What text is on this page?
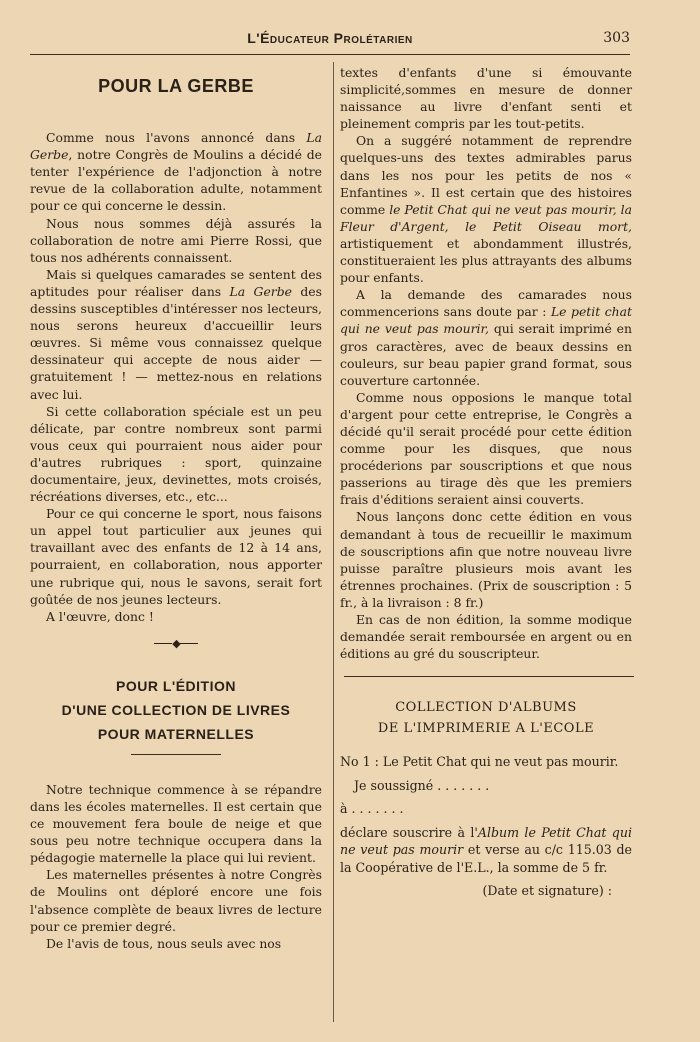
L'Éducateur Prolétarien	303
POUR LA GERBE

Comme nous l'avons annoncé dans La Gerbe, notre Congrès de Moulins a décidé de tenter l'expérience de l'adjonction à notre revue de la collaboration adulte, notamment pour ce qui concerne le dessin.

Nous nous sommes déjà assurés la collaboration de notre ami Pierre Rossi, que tous nos adhérents connaissent.

Mais si quelques camarades se sentent des aptitudes pour réaliser dans La Gerbe des dessins susceptibles d'intéresser nos lecteurs, nous serons heureux d'accueillir leurs œuvres. Si même vous connaissez quelque dessinateur qui accepte de nous aider — gratuitement ! — mettez-nous en relations avec lui.

Si cette collaboration spéciale est un peu délicate, par contre nombreux sont parmi vous ceux qui pourraient nous aider pour d'autres rubriques : sport, quinzaine documentaire, jeux, devinettes, mots croisés, récréations diverses, etc., etc...

Pour ce qui concerne le sport, nous faisons un appel tout particulier aux jeunes qui travaillant avec des enfants de 12 à 14 ans, pourraient, en collaboration, nous apporter une rubrique qui, nous le savons, serait fort goûtée de nos jeunes lecteurs.

A l'œuvre, donc !

◆
POUR L'ÉDITION
D'UNE COLLECTION DE LIVRES
POUR MATERNELLES

Notre technique commence à se répandre dans les écoles maternelles. Il est certain que ce mouvement fera boule de neige et que sous peu notre technique occupera dans la pédagogie maternelle la place qui lui revient.

Les maternelles présentes à notre Congrès de Moulins ont déploré encore une fois l'absence complète de beaux livres de lecture pour ce premier degré.

De l'avis de tous, nous seuls avec nos

textes d'enfants d'une si émouvante simplicité,sommes en mesure de donner naissance au livre d'enfant senti et pleinement compris par les tout-petits.

On a suggéré notamment de reprendre quelques-uns des textes admirables parus dans les nos pour les petits de nos « Enfantines ». Il est certain que des histoires comme le Petit Chat qui ne veut pas mourir, la Fleur d'Argent, le Petit Oiseau mort, artistiquement et abondamment illustrés, constitueraient les plus attrayants des albums pour enfants.

A la demande des camarades nous commencerions sans doute par : Le petit chat qui ne veut pas mourir, qui serait imprimé en gros caractères, avec de beaux dessins en couleurs, sur beau papier grand format, sous couverture cartonnée.

Comme nous opposions le manque total d'argent pour cette entreprise, le Congrès a décidé qu'il serait procédé pour cette édition comme pour les disques, que nous procéderions par souscriptions et que nous passerions au tirage dès que les premiers frais d'éditions seraient ainsi couverts.

Nous lançons donc cette édition en vous demandant à tous de recueillir le maximum de souscriptions afin que notre nouveau livre puisse paraître plusieurs mois avant les étrennes prochaines. (Prix de souscription : 5 fr., à la livraison : 8 fr.)

En cas de non édition, la somme modique demandée serait remboursée en argent ou en éditions au gré du souscripteur.

COLLECTION D'ALBUMS
DE L'IMPRIMERIE A L'ECOLE
No 1 : Le Petit Chat qui ne veut pas mourir.
Je soussigné . . . . . . .
à . . . . . . .
déclare souscrire à l'Album le Petit Chat qui ne veut pas mourir et verse au c/c 115.03 de la Coopérative de l'E.L., la somme de 5 fr.
(Date et signature) :
